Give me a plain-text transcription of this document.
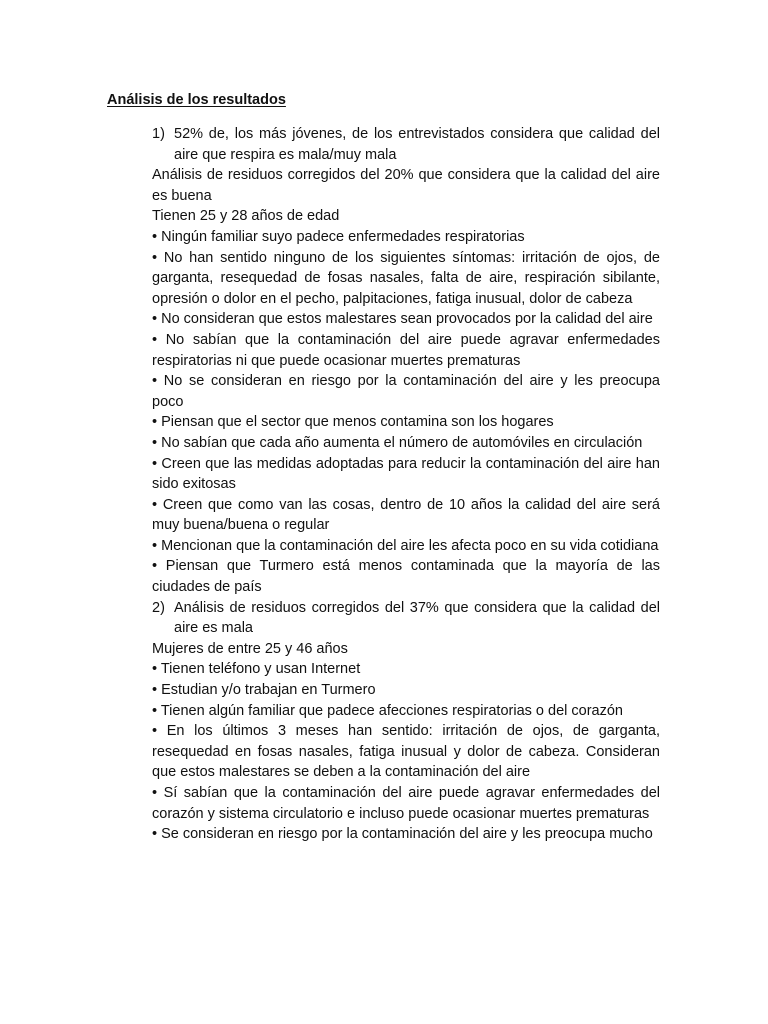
Análisis de los resultados
1) 52% de, los más jóvenes, de los entrevistados considera que calidad del aire que respira es mala/muy mala

Análisis de residuos corregidos del 20% que considera que la calidad del aire es buena

Tienen 25 y 28 años de edad

• Ningún familiar suyo padece enfermedades respiratorias

• No han sentido ninguno de los siguientes síntomas: irritación de ojos, de garganta, resequedad de fosas nasales, falta de aire, respiración sibilante, opresión o dolor en el pecho, palpitaciones, fatiga inusual, dolor de cabeza

• No consideran que estos malestares sean provocados por la calidad del aire

• No sabían que la contaminación del aire puede agravar enfermedades respiratorias ni que puede ocasionar muertes prematuras

• No se consideran en riesgo por la contaminación del aire y les preocupa poco

• Piensan que el sector que menos contamina son los hogares

• No sabían que cada año aumenta el número de automóviles en circulación

• Creen que las medidas adoptadas para reducir la contaminación del aire han sido exitosas

• Creen que como van las cosas, dentro de 10 años la calidad del aire será muy buena/buena o regular

• Mencionan que la contaminación del aire les afecta poco en su vida cotidiana

• Piensan que Turmero está menos contaminada que la mayoría de las ciudades de país

2) Análisis de residuos corregidos del 37% que considera que la calidad del aire es mala

Mujeres de entre 25 y 46 años

• Tienen teléfono y usan Internet

• Estudian y/o trabajan en Turmero

• Tienen algún familiar que padece afecciones respiratorias o del corazón

• En los últimos 3 meses han sentido: irritación de ojos, de garganta, resequedad en fosas nasales, fatiga inusual y dolor de cabeza. Consideran que estos malestares se deben a la contaminación del aire

• Sí sabían que la contaminación del aire puede agravar enfermedades del corazón y sistema circulatorio e incluso puede ocasionar muertes prematuras

• Se consideran en riesgo por la contaminación del aire y les preocupa mucho
